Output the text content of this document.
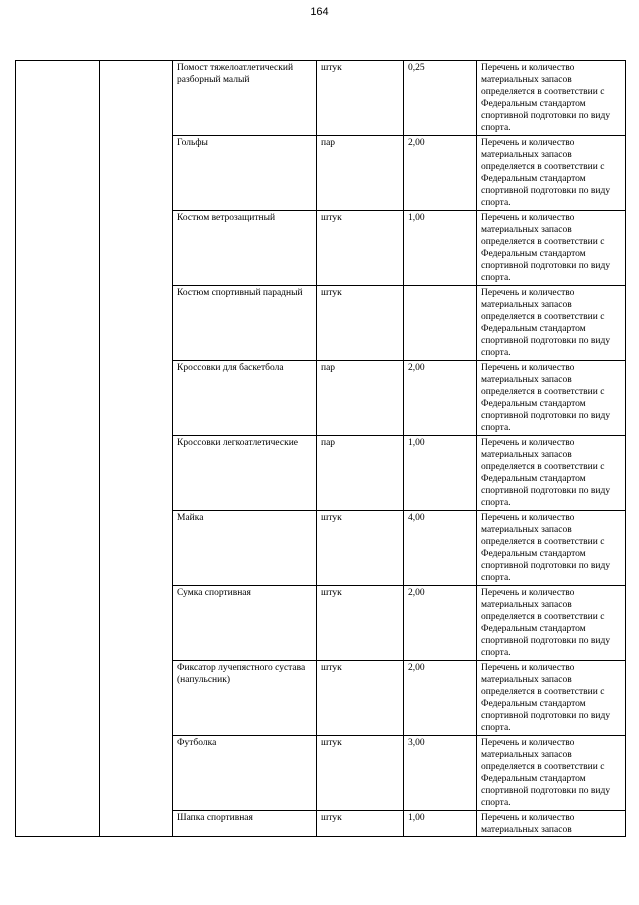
164
		Помост тяжелоатлетический разборный малый	штук	0,25	Перечень и количество материальных запасов определяется в соответствии с Федеральным стандартом спортивной подготовки по виду спорта.
		Гольфы	пар	2,00	Перечень и количество материальных запасов определяется в соответствии с Федеральным стандартом спортивной подготовки по виду спорта.
		Костюм ветрозащитный	штук	1,00	Перечень и количество материальных запасов определяется в соответствии с Федеральным стандартом спортивной подготовки по виду спорта.
		Костюм спортивный парадный	штук		Перечень и количество материальных запасов определяется в соответствии с Федеральным стандартом спортивной подготовки по виду спорта.
		Кроссовки для баскетбола	пар	2,00	Перечень и количество материальных запасов определяется в соответствии с Федеральным стандартом спортивной подготовки по виду спорта.
		Кроссовки легкоатлетические	пар	1,00	Перечень и количество материальных запасов определяется в соответствии с Федеральным стандартом спортивной подготовки по виду спорта.
		Майка	штук	4,00	Перечень и количество материальных запасов определяется в соответствии с Федеральным стандартом спортивной подготовки по виду спорта.
		Сумка спортивная	штук	2,00	Перечень и количество материальных запасов определяется в соответствии с Федеральным стандартом спортивной подготовки по виду спорта.
		Фиксатор лучепястного сустава (напульсник)	штук	2,00	Перечень и количество материальных запасов определяется в соответствии с Федеральным стандартом спортивной подготовки по виду спорта.
		Футболка	штук	3,00	Перечень и количество материальных запасов определяется в соответствии с Федеральным стандартом спортивной подготовки по виду спорта.
		Шапка спортивная	штук	1,00	Перечень и количество материальных запасов
